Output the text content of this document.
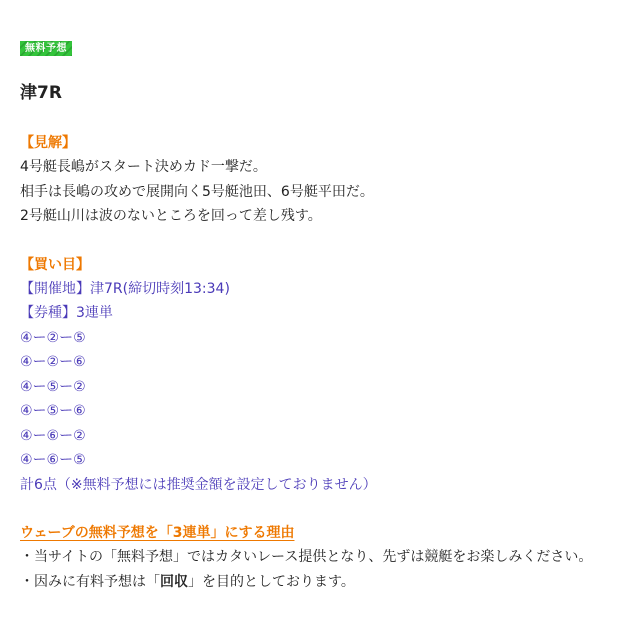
無料予想
津7R
【見解】
4号艇長嶋がスタート決めカド一撃だ。
相手は長嶋の攻めで展開向く5号艇池田、6号艇平田だ。
2号艇山川は波のないところを回って差し残す。
【買い目】
【開催地】津7R(締切時刻13:34)
【券種】3連単
④ー②ー⑤
④ー②ー⑥
④ー⑤ー②
④ー⑤ー⑥
④ー⑥ー②
④ー⑥ー⑤
計6点（※無料予想には推奨金額を設定しておりません）
ウェーブの無料予想を「3連単」にする理由
・当サイトの「無料予想」ではカタいレース提供となり、先ずは競艇をお楽しみください。
・因みに有料予想は「回収」を目的としております。
